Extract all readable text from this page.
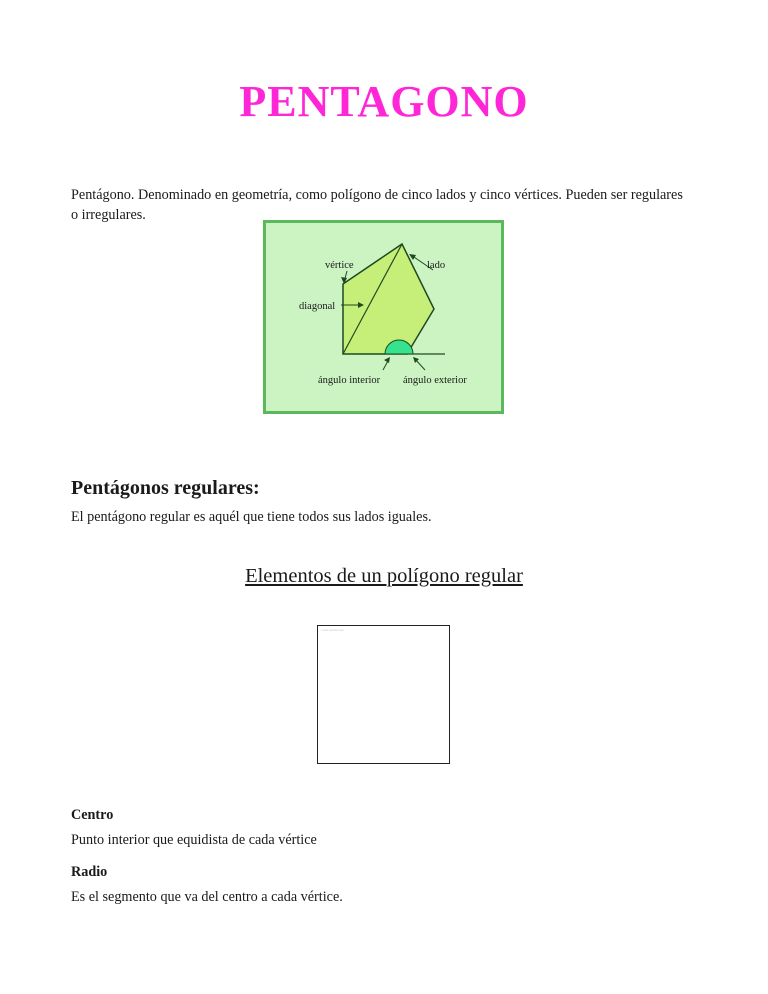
PENTAGONO

Pentágono. Denominado en geometría, como polígono de cinco lados y cinco vértices. Pueden ser regulares o irregulares.

vértice	lado
diagonal
ángulo interior ángulo exterior
Pentágonos regulares:

El pentágono regular es aquél que tiene todos sus lados iguales.

Elementos de un polígono regular
▪ ▪▪▪▪▪ ▪▪▪▪▪▪▪▪ ▪▪▪▪▪

Centro

Punto interior que equidista de cada vértice

Radio

Es el segmento que va del centro a cada vértice.
